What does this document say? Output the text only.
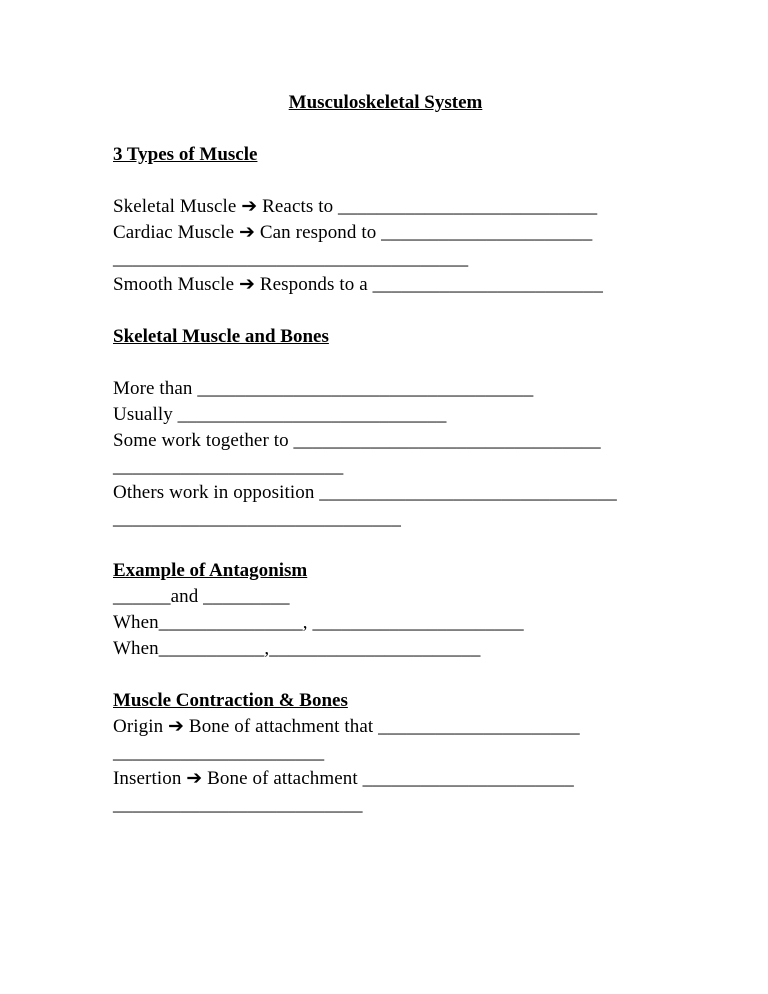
Musculoskeletal System
3 Types of Muscle
Skeletal Muscle ➔ Reacts to ___________________________
Cardiac Muscle ➔ Can respond to ______________________
_____________________________________
Smooth Muscle ➔ Responds to a ________________________
Skeletal Muscle and Bones
More than ___________________________________
Usually ____________________________
Some work together to ________________________________
________________________
Others work in opposition _______________________________
______________________________
Example of Antagonism
______and _________
When_______________, ______________________
When___________,______________________
Muscle Contraction & Bones
Origin ➔ Bone of attachment that _____________________
______________________
Insertion ➔ Bone of attachment ______________________
__________________________
